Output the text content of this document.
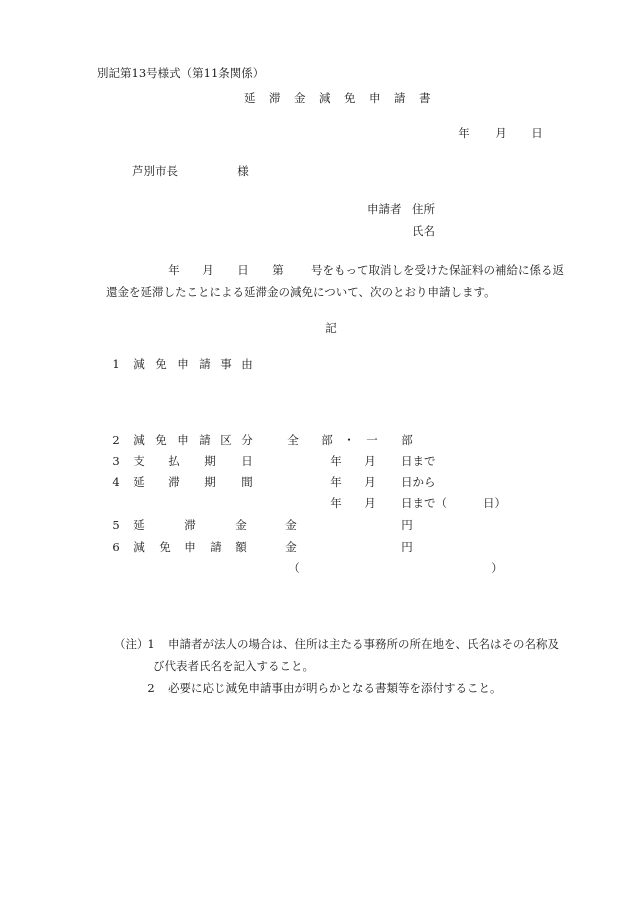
別記第13号様式（第11条関係）
延　滞　金　減　免　申　請　書
年 月 日
芦別市長	様
申請者 住所
氏名
年 月 日 第 号をもって取消しを受けた保証料の補給に係る返
還金を延滞したことによる延滞金の減免について、次のとおり申請します。
記
1 減 免 申 請 事 由
2 減 免 申 請 区 分	全 部 ・ 一 部
3 支 払 期 日	年 月 日まで
4 延 滞 期 間	年 月 日から
年 月 日まで（	日）
5 延	滞	金	金	円
6 減 免 申 請 額	金	円
（	）
（注）
1 申請者が法人の場合は、住所は主たる事務所の所在地を、氏名はその名称及
び代表者氏名を記入すること。
2 必要に応じ減免申請事由が明らかとなる書類等を添付すること。
